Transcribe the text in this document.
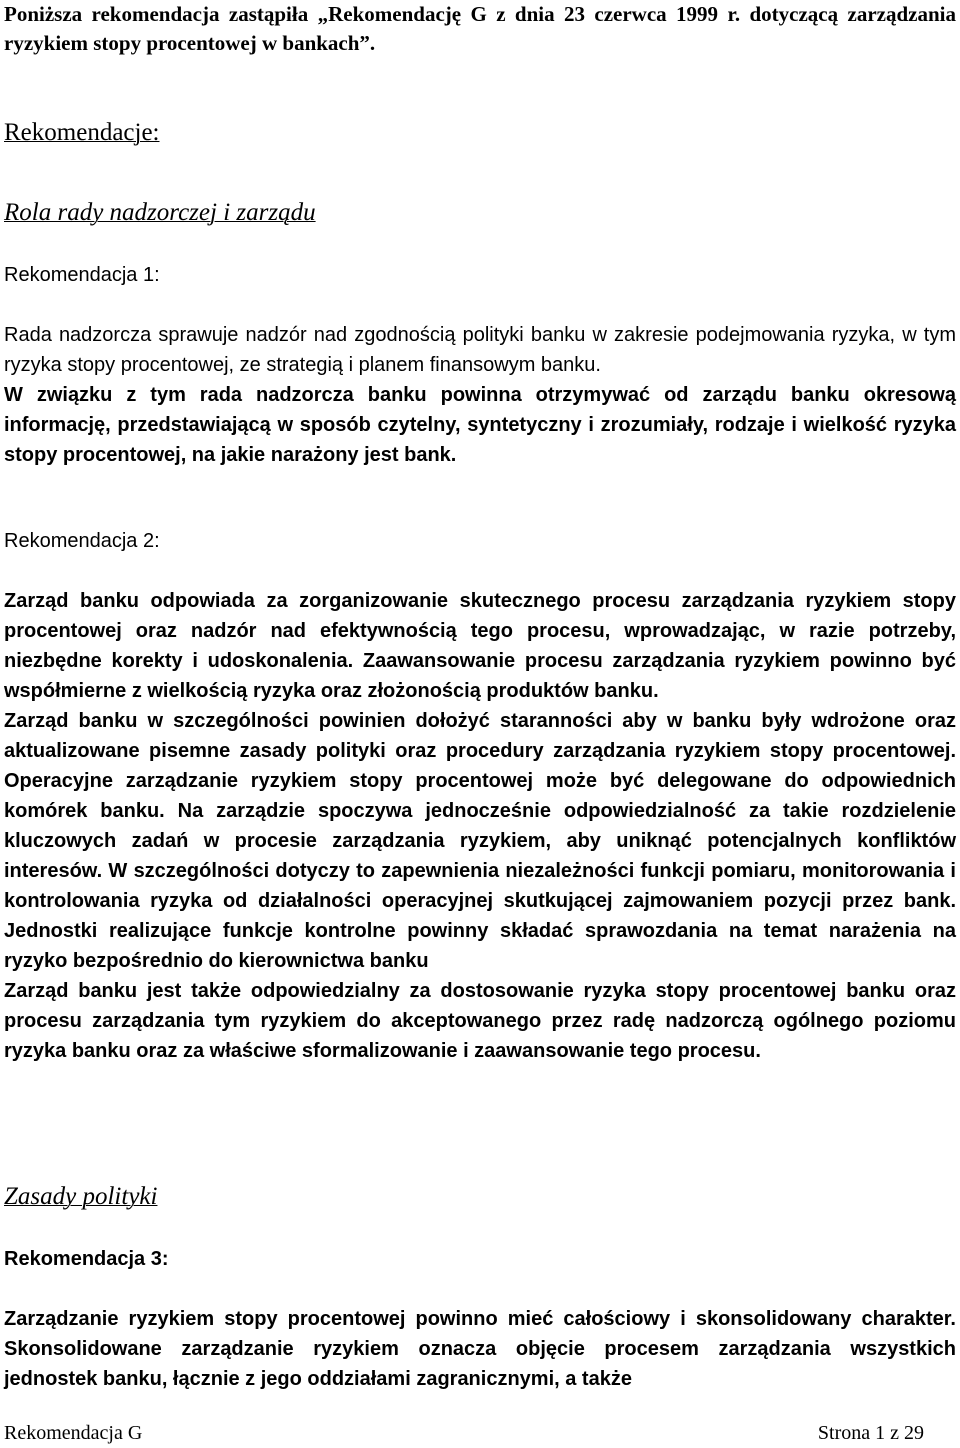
Poniższa rekomendacja zastąpiła „Rekomendację G z dnia 23 czerwca 1999 r. dotyczącą zarządzania ryzykiem stopy procentowej w bankach”.
Rekomendacje:
Rola rady nadzorczej i zarządu
Rekomendacja 1:

Rada nadzorcza sprawuje nadzór nad zgodnością polityki banku w zakresie podejmowania ryzyka, w tym ryzyka stopy procentowej, ze strategią i planem finansowym banku.

W związku z tym rada nadzorcza banku powinna otrzymywać od zarządu banku okresową informację, przedstawiającą w sposób czytelny, syntetyczny i zrozumiały, rodzaje i wielkość ryzyka stopy procentowej, na jakie narażony jest bank.

Rekomendacja 2:

Zarząd banku odpowiada za zorganizowanie skutecznego procesu zarządzania ryzykiem stopy procentowej oraz nadzór nad efektywnością tego procesu, wprowadzając, w razie potrzeby, niezbędne korekty i udoskonalenia. Zaawansowanie procesu zarządzania ryzykiem powinno być współmierne z wielkością ryzyka oraz złożonością produktów banku.

Zarząd banku w szczególności powinien dołożyć staranności aby w banku były wdrożone oraz aktualizowane pisemne zasady polityki oraz procedury zarządzania ryzykiem stopy procentowej. Operacyjne zarządzanie ryzykiem stopy procentowej może być delegowane do odpowiednich komórek banku. Na zarządzie spoczywa jednocześnie odpowiedzialność za takie rozdzielenie kluczowych zadań w procesie zarządzania ryzykiem, aby uniknąć potencjalnych konfliktów interesów. W szczególności dotyczy to zapewnienia niezależności funkcji pomiaru, monitorowania i kontrolowania ryzyka od działalności operacyjnej skutkującej zajmowaniem pozycji przez bank. Jednostki realizujące funkcje kontrolne powinny składać sprawozdania na temat narażenia na ryzyko bezpośrednio do kierownictwa banku

Zarząd banku jest także odpowiedzialny za dostosowanie ryzyka stopy procentowej banku oraz procesu zarządzania tym ryzykiem do akceptowanego przez radę nadzorczą ogólnego poziomu ryzyka banku oraz za właściwe sformalizowanie i zaawansowanie tego procesu.

Zasady polityki
Rekomendacja 3:

Zarządzanie ryzykiem stopy procentowej powinno mieć całościowy i skonsolidowany charakter. Skonsolidowane zarządzanie ryzykiem oznacza objęcie procesem zarządzania wszystkich jednostek banku, łącznie z jego oddziałami zagranicznymi, a także

Rekomendacja G	Strona 1 z 29
